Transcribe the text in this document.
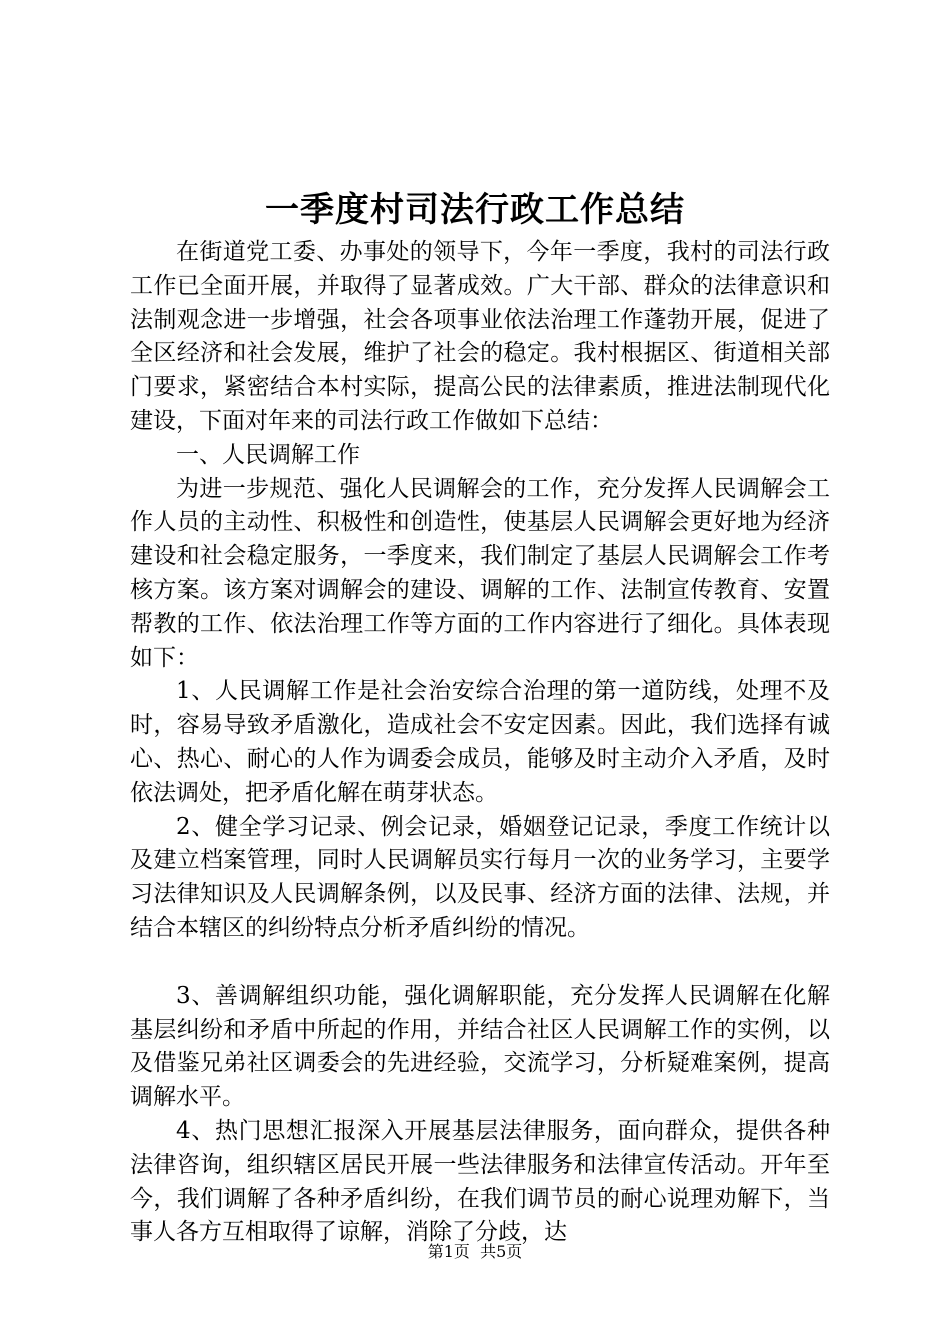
一季度村司法行政工作总结

在街道党工委、办事处的领导下，今年一季度，我村的司法行政工作已全面开展，并取得了显著成效。广大干部、群众的法律意识和法制观念进一步增强，社会各项事业依法治理工作蓬勃开展，促进了全区经济和社会发展，维护了社会的稳定。我村根据区、街道相关部门要求，紧密结合本村实际，提高公民的法律素质，推进法制现代化建设，下面对年来的司法行政工作做如下总结：

一、人民调解工作

为进一步规范、强化人民调解会的工作，充分发挥人民调解会工作人员的主动性、积极性和创造性，使基层人民调解会更好地为经济建设和社会稳定服务，一季度来，我们制定了基层人民调解会工作考核方案。该方案对调解会的建设、调解的工作、法制宣传教育、安置帮教的工作、依法治理工作等方面的工作内容进行了细化。具体表现如下：

1、人民调解工作是社会治安综合治理的第一道防线，处理不及时，容易导致矛盾激化，造成社会不安定因素。因此，我们选择有诚心、热心、耐心的人作为调委会成员，能够及时主动介入矛盾，及时依法调处，把矛盾化解在萌芽状态。

2、健全学习记录、例会记录，婚姻登记记录，季度工作统计以及建立档案管理，同时人民调解员实行每月一次的业务学习，主要学习法律知识及人民调解条例，以及民事、经济方面的法律、法规，并结合本辖区的纠纷特点分析矛盾纠纷的情况。

3、善调解组织功能，强化调解职能，充分发挥人民调解在化解基层纠纷和矛盾中所起的作用，并结合社区人民调解工作的实例，以及借鉴兄弟社区调委会的先进经验，交流学习，分析疑难案例，提高调解水平。

4、热门思想汇报深入开展基层法律服务，面向群众，提供各种法律咨询，组织辖区居民开展一些法律服务和法律宣传活动。开年至今，我们调解了各种矛盾纠纷，在我们调节员的耐心说理劝解下，当事人各方互相取得了谅解，消除了分歧，达

第1页  共5页
